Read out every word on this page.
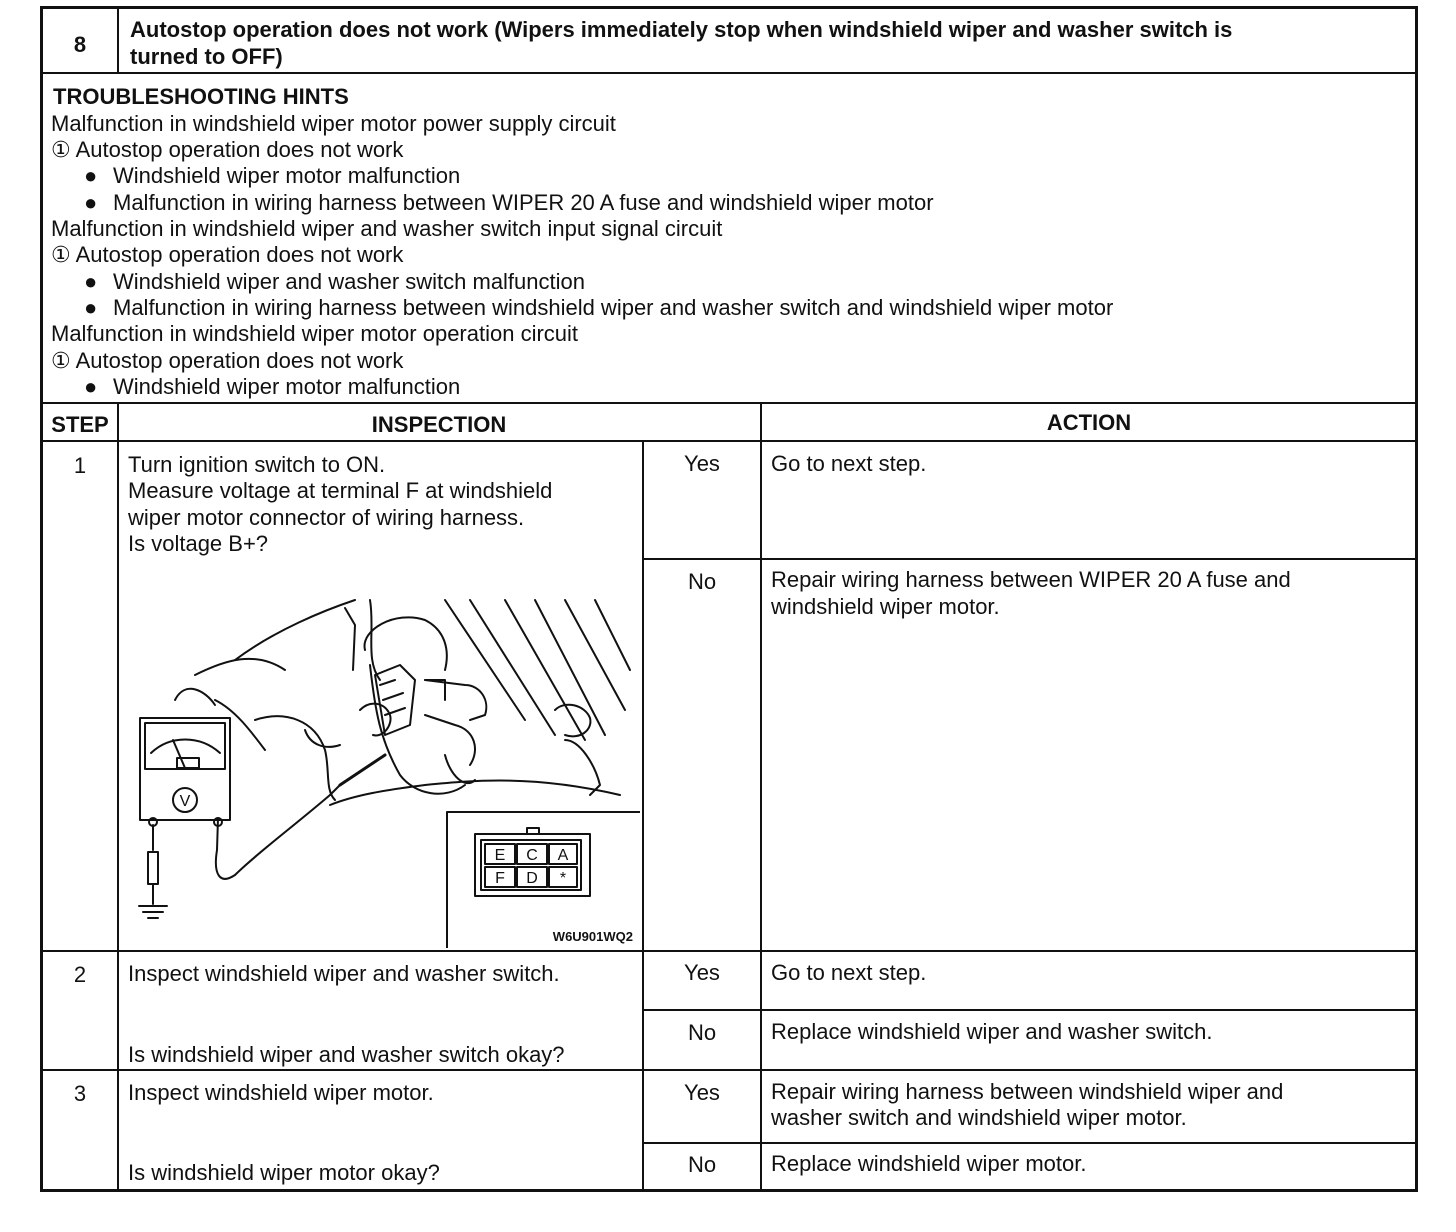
8
Autostop operation does not work (Wipers immediately stop when windshield wiper and washer switch is
turned to OFF)
TROUBLESHOOTING HINTS
Malfunction in windshield wiper motor power supply circuit
① Autostop operation does not work
● Windshield wiper motor malfunction
● Malfunction in wiring harness between WIPER 20 A fuse and windshield wiper motor
Malfunction in windshield wiper and washer switch input signal circuit
① Autostop operation does not work
● Windshield wiper and washer switch malfunction
● Malfunction in wiring harness between windshield wiper and washer switch and windshield wiper motor
Malfunction in windshield wiper motor operation circuit
① Autostop operation does not work
● Windshield wiper motor malfunction
STEP	INSPECTION	ACTION
1	Turn ignition switch to ON.
Measure voltage at terminal F at windshield
wiper motor connector of wiring harness.
Is voltage B+?
Yes	Go to next step.
No	Repair wiring harness between WIPER 20 A fuse and
windshield wiper motor.
V
E C A
F D *
W6U901WQ2
2	Inspect windshield wiper and washer switch.
Is windshield wiper and washer switch okay?
Yes	Go to next step.
No	Replace windshield wiper and washer switch.
3	Inspect windshield wiper motor.
Is windshield wiper motor okay?
Yes	Repair wiring harness between windshield wiper and
washer switch and windshield wiper motor.
No	Replace windshield wiper motor.
